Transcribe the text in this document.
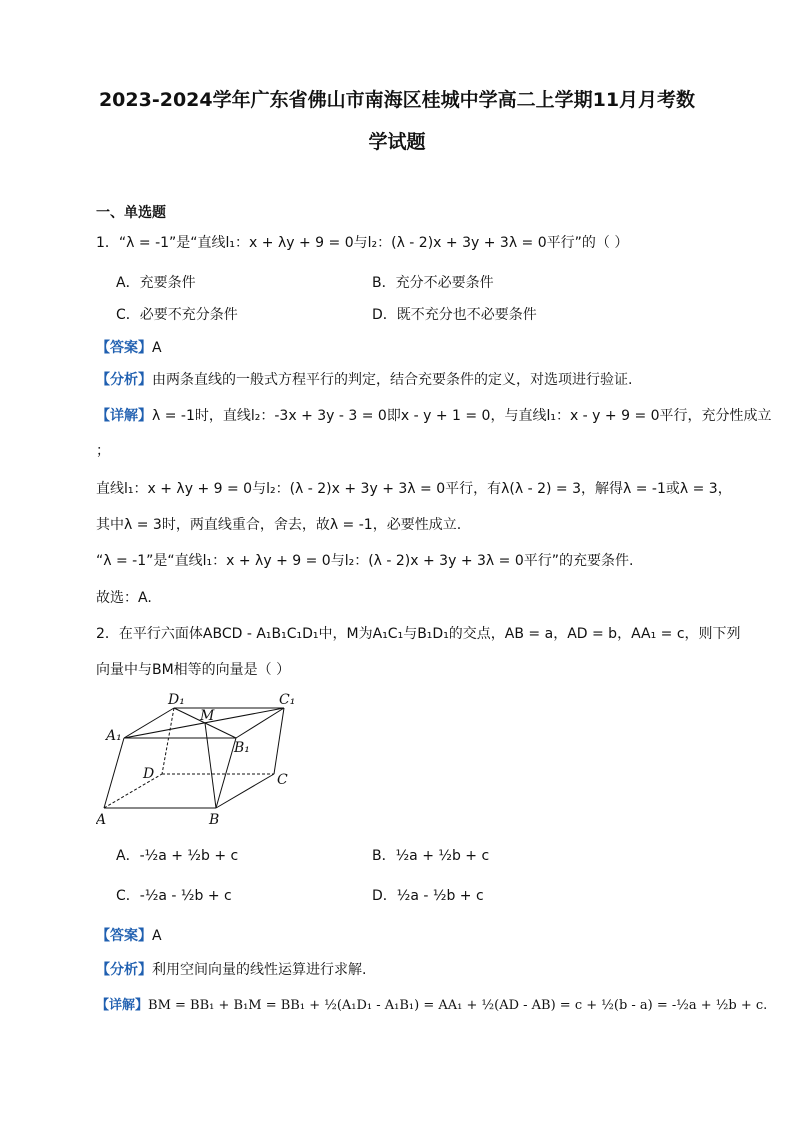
2023-2024学年广东省佛山市南海区桂城中学高二上学期11月月考数
学试题
一、单选题
1．“λ = -1”是“直线l₁：x + λy + 9 = 0与l₂：(λ - 2)x + 3y + 3λ = 0平行”的（ ）
A．充要条件	B．充分不必要条件
C．必要不充分条件	D．既不充分也不必要条件
【答案】A
【分析】由两条直线的一般式方程平行的判定，结合充要条件的定义，对选项进行验证.
【详解】λ = -1时，直线l₂：-3x + 3y - 3 = 0即x - y + 1 = 0，与直线l₁：x - y + 9 = 0平行，充分性成立
；
直线l₁：x + λy + 9 = 0与l₂：(λ - 2)x + 3y + 3λ = 0平行，有λ(λ - 2) = 3，解得λ = -1或λ = 3，
其中λ = 3时，两直线重合，舍去，故λ = -1，必要性成立.
“λ = -1”是“直线l₁：x + λy + 9 = 0与l₂：(λ - 2)x + 3y + 3λ = 0平行”的充要条件.
故选：A.
2．在平行六面体ABCD - A₁B₁C₁D₁中，M为A₁C₁与B₁D₁的交点，AB = a，AD = b，AA₁ = c，则下列
向量中与BM相等的向量是（ ）
D₁
M
C₁
A₁
B₁
D	C
A	B
A．-½a + ½b + c	B．½a + ½b + c
C．-½a - ½b + c	D．½a - ½b + c
【答案】A
【分析】利用空间向量的线性运算进行求解.
【详解】BM = BB₁ + B₁M = BB₁ + ½(A₁D₁ - A₁B₁) = AA₁ + ½(AD - AB) = c + ½(b - a) = -½a + ½b + c.
